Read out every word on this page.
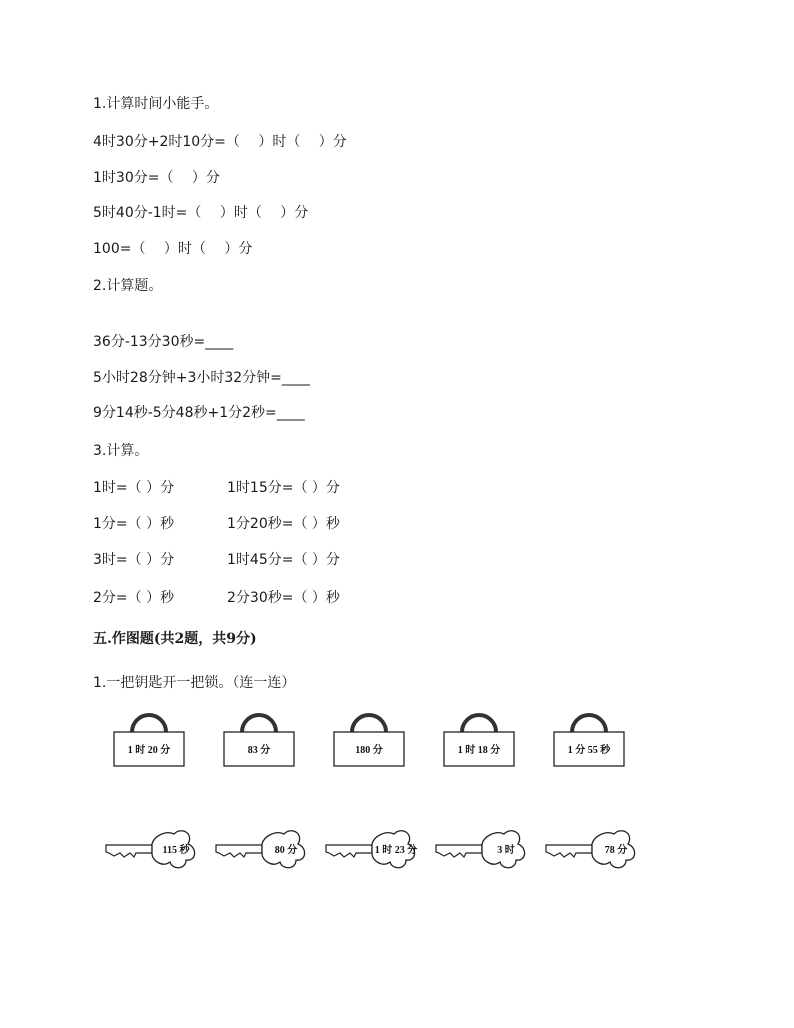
1.计算时间小能手。
4时30分+2时10分=（　 ）时（　 ）分
1时30分=（　 ）分
5时40分-1时=（　 ）时（　 ）分
100=（　 ）时（　 ）分
2.计算题。
36分-13分30秒=____
5小时28分钟+3小时32分钟=____
9分14秒-5分48秒+1分2秒=____
3.计算。
1时=（ ）分	1时15分=（ ）分
1分=（ ）秒	1分20秒=（ ）秒
3时=（ ）分	1时45分=（ ）分
2分=（ ）秒	2分30秒=（ ）秒
五.作图题(共2题，共9分)
1.一把钥匙开一把锁。（连一连）
1 时 20 分	83 分	180 分	1 时 18 分	1 分 55 秒
115 秒	80 分	1 时 23 分	3 时	78 分
